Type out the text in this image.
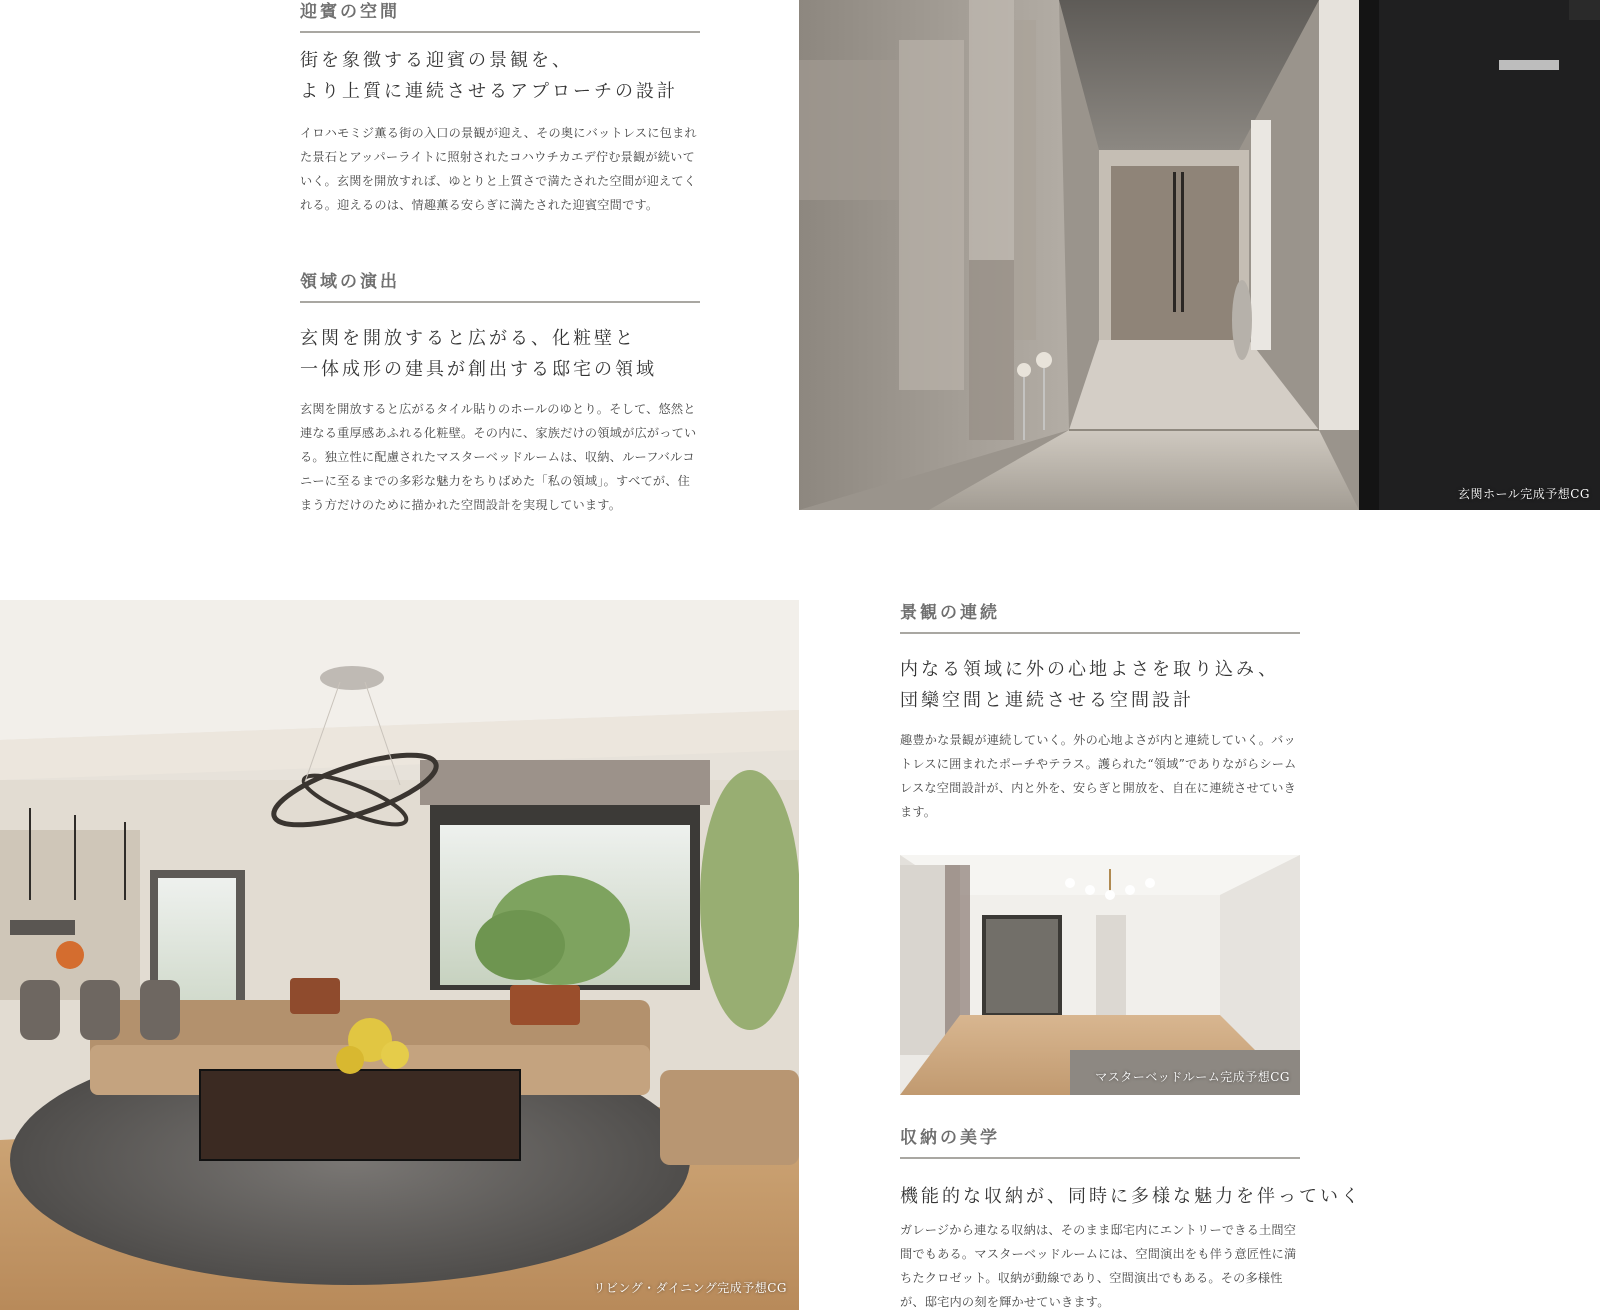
迎賓の空間
街を象徴する迎賓の景観を、
より上質に連続させるアプローチの設計

イロハモミジ薫る街の入口の景観が迎え、その奥にバットレスに包まれた景石とアッパーライトに照射されたコハウチカエデ佇む景観が続いていく。玄関を開放すれば、ゆとりと上質さで満たされた空間が迎えてくれる。迎えるのは、情趣薫る安らぎに満たされた迎賓空間です。

領域の演出
玄関を開放すると広がる、化粧壁と
一体成形の建具が創出する邸宅の領域

玄関を開放すると広がるタイル貼りのホールのゆとり。そして、悠然と連なる重厚感あふれる化粧壁。その内に、家族だけの領域が広がっている。独立性に配慮されたマスターベッドルームは、収納、ルーフバルコニーに至るまでの多彩な魅力をちりばめた「私の領域」。すべてが、住まう方だけのために描かれた空間設計を実現しています。

玄関ホール完成予想CG
リビング・ダイニング完成予想CG
景観の連続
内なる領域に外の心地よさを取り込み、
団欒空間と連続させる空間設計

趣豊かな景観が連続していく。外の心地よさが内と連続していく。バットレスに囲まれたポーチやテラス。護られた“領域”でありながらシームレスな空間設計が、内と外を、安らぎと開放を、自在に連続させていきます。

マスターベッドルーム完成予想CG
収納の美学
機能的な収納が、同時に多様な魅力を伴っていく

ガレージから連なる収納は、そのまま邸宅内にエントリーできる土間空間でもある。マスターベッドルームには、空間演出をも伴う意匠性に満ちたクロゼット。収納が動線であり、空間演出でもある。その多様性が、邸宅内の刻を輝かせていきます。
